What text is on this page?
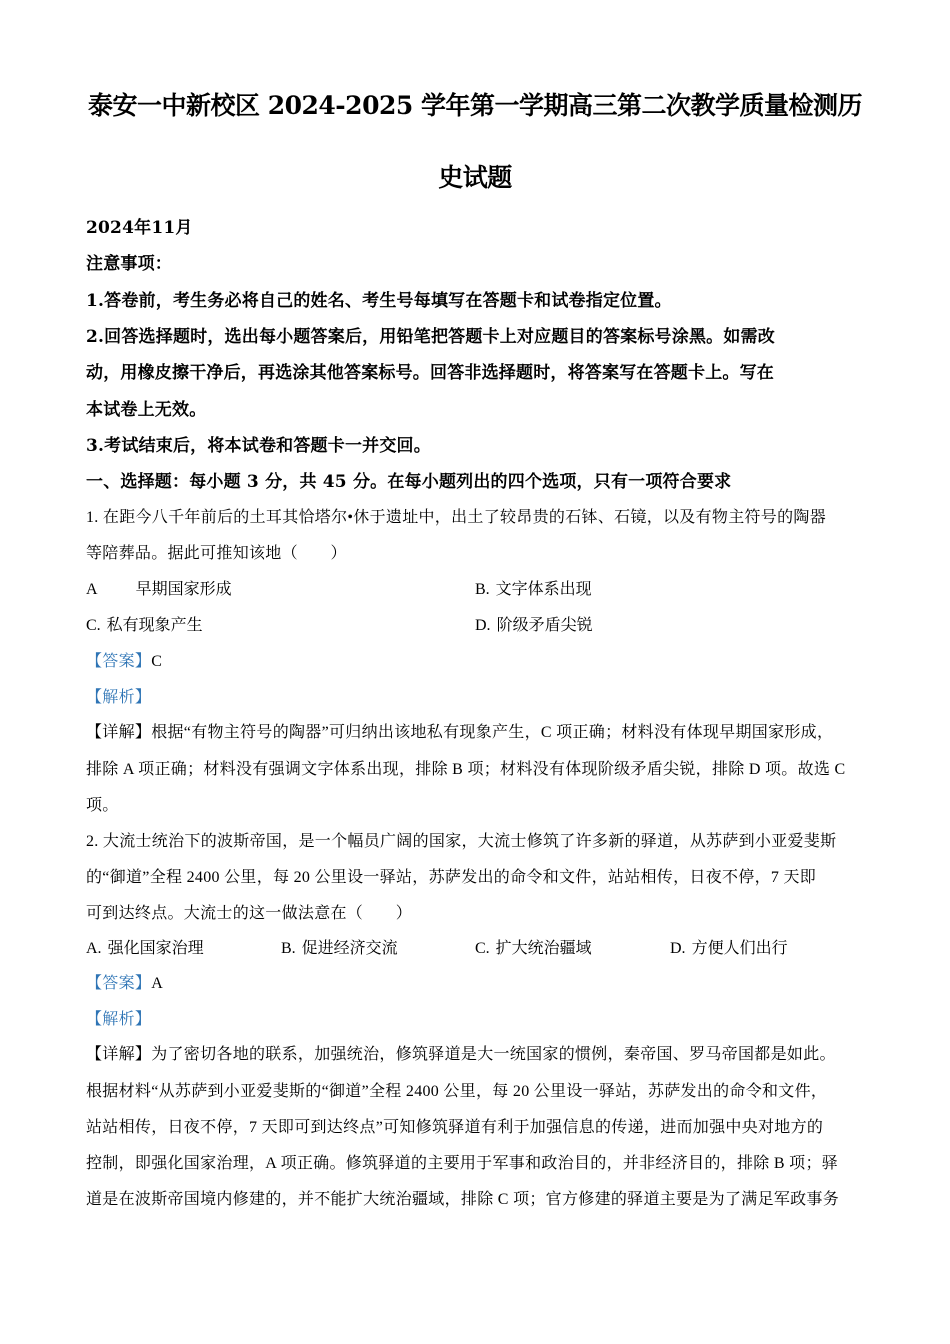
泰安一中新校区 2024-2025 学年第一学期高三第二次教学质量检测历
史试题
2024年11月
注意事项：
1.答卷前，考生务必将自己的姓名、考生号每填写在答题卡和试卷指定位置。
2.回答选择题时，选出每小题答案后，用铅笔把答题卡上对应题目的答案标号涂黑。如需改
动，用橡皮擦干净后，再选涂其他答案标号。回答非选择题时，将答案写在答题卡上。写在
本试卷上无效。
3.考试结束后，将本试卷和答题卡一并交回。
一、选择题：每小题 3 分，共 45 分。在每小题列出的四个选项，只有一项符合要求
1. 在距今八千年前后的土耳其恰塔尔•休于遗址中，出土了较昂贵的石钵、石镜，以及有物主符号的陶器
等陪葬品。据此可推知该地（　　）
A 早期国家形成	B. 文字体系出现
C. 私有现象产生	D. 阶级矛盾尖锐
【答案】C
【解析】
【详解】根据“有物主符号的陶器”可归纳出该地私有现象产生，C 项正确；材料没有体现早期国家形成，
排除 A 项正确；材料没有强调文字体系出现，排除 B 项；材料没有体现阶级矛盾尖锐，排除 D 项。故选 C
项。
2. 大流士统治下的波斯帝国，是一个幅员广阔的国家，大流士修筑了许多新的驿道，从苏萨到小亚爱斐斯
的“御道”全程 2400 公里，每 20 公里设一驿站，苏萨发出的命令和文件，站站相传，日夜不停，7 天即
可到达终点。大流士的这一做法意在（　　）
A. 强化国家治理	B. 促进经济交流	C. 扩大统治疆域	D. 方便人们出行
【答案】A
【解析】
【详解】为了密切各地的联系，加强统治，修筑驿道是大一统国家的惯例，秦帝国、罗马帝国都是如此。
根据材料“从苏萨到小亚爱斐斯的“御道”全程 2400 公里，每 20 公里设一驿站，苏萨发出的命令和文件，
站站相传，日夜不停，7 天即可到达终点”可知修筑驿道有利于加强信息的传递，进而加强中央对地方的
控制，即强化国家治理，A 项正确。修筑驿道的主要用于军事和政治目的，并非经济目的，排除 B 项；驿
道是在波斯帝国境内修建的，并不能扩大统治疆域，排除 C 项；官方修建的驿道主要是为了满足军政事务
